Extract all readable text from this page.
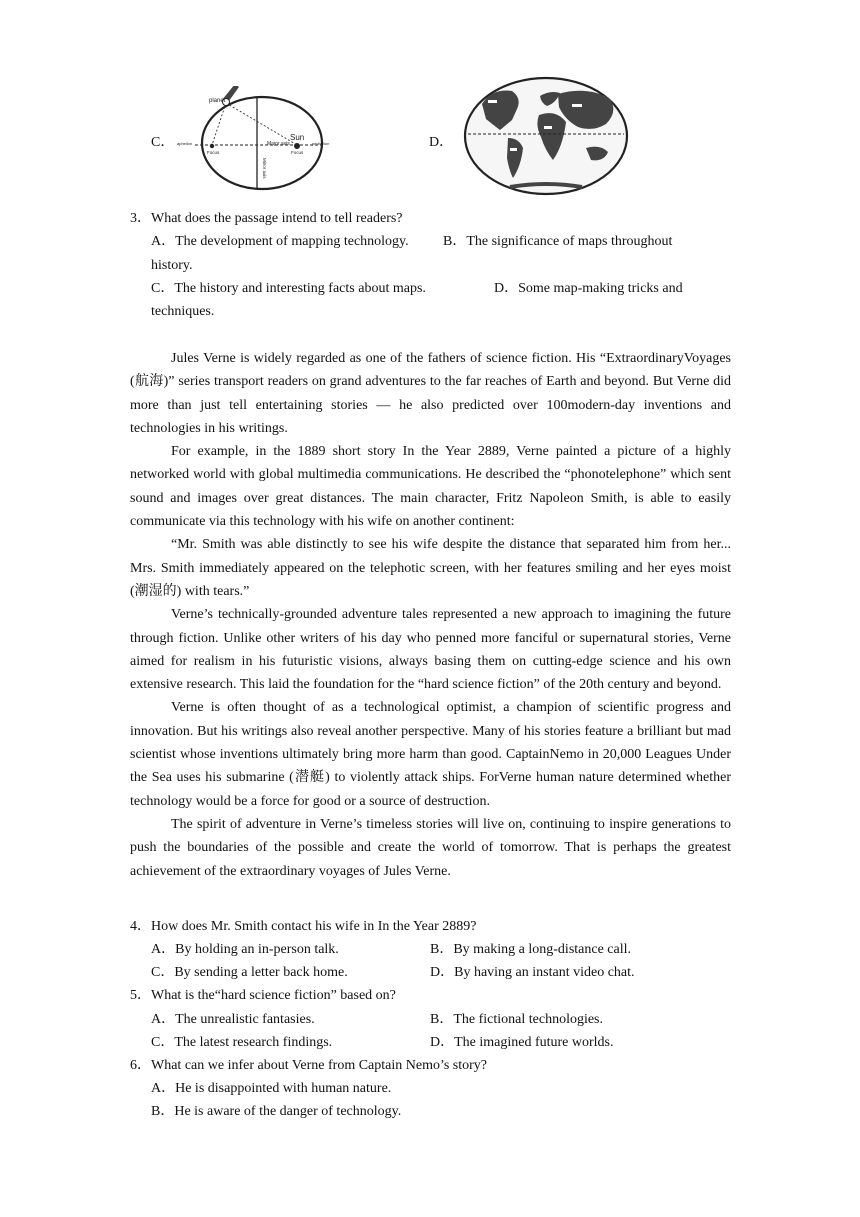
C．
planet
Sun
Major axis
Minor axis
Focus	Focus
aphelion	perihelion	D．
3．What does the passage intend to tell readers?
A．The development of mapping technology. B．The significance of maps throughout
history.
C．The history and interesting facts about maps.	D．Some map-making tricks and
techniques.

Jules Verne is widely regarded as one of the fathers of science fiction. His “ExtraordinaryVoyages (航海)” series transport readers on grand adventures to the far reaches of Earth and beyond. But Verne did more than just tell entertaining stories — he also predicted over 100modern-day inventions and technologies in his writings.

For example, in the 1889 short story In the Year 2889, Verne painted a picture of a highly networked world with global multimedia communications. He described the “phonotelephone” which sent sound and images over great distances. The main character, Fritz Napoleon Smith, is able to easily communicate via this technology with his wife on another continent:

“Mr. Smith was able distinctly to see his wife despite the distance that separated him from her... Mrs. Smith immediately appeared on the telephotic screen, with her features smiling and her eyes moist (潮湿的) with tears.”

Verne’s technically-grounded adventure tales represented a new approach to imagining the future through fiction. Unlike other writers of his day who penned more fanciful or supernatural stories, Verne aimed for realism in his futuristic visions, always basing them on cutting-edge science and his own extensive research. This laid the foundation for the “hard science fiction” of the 20th century and beyond.

Verne is often thought of as a technological optimist, a champion of scientific progress and innovation. But his writings also reveal another perspective. Many of his stories feature a brilliant but mad scientist whose inventions ultimately bring more harm than good. CaptainNemo in 20,000 Leagues Under the Sea uses his submarine (潜艇) to violently attack ships. ForVerne human nature determined whether technology would be a force for good or a source of destruction.

The spirit of adventure in Verne’s timeless stories will live on, continuing to inspire generations to push the boundaries of the possible and create the world of tomorrow. That is perhaps the greatest achievement of the extraordinary voyages of Jules Verne.

4．How does Mr. Smith contact his wife in In the Year 2889?
A．By holding an in-person talk.	B．By making a long-distance call.
C．By sending a letter back home.	D．By having an instant video chat.
5．What is the“hard science fiction” based on?
A．The unrealistic fantasies.	B．The fictional technologies.
C．The latest research findings.	D．The imagined future worlds.
6．What can we infer about Verne from Captain Nemo’s story?
A．He is disappointed with human nature.
B．He is aware of the danger of technology.
